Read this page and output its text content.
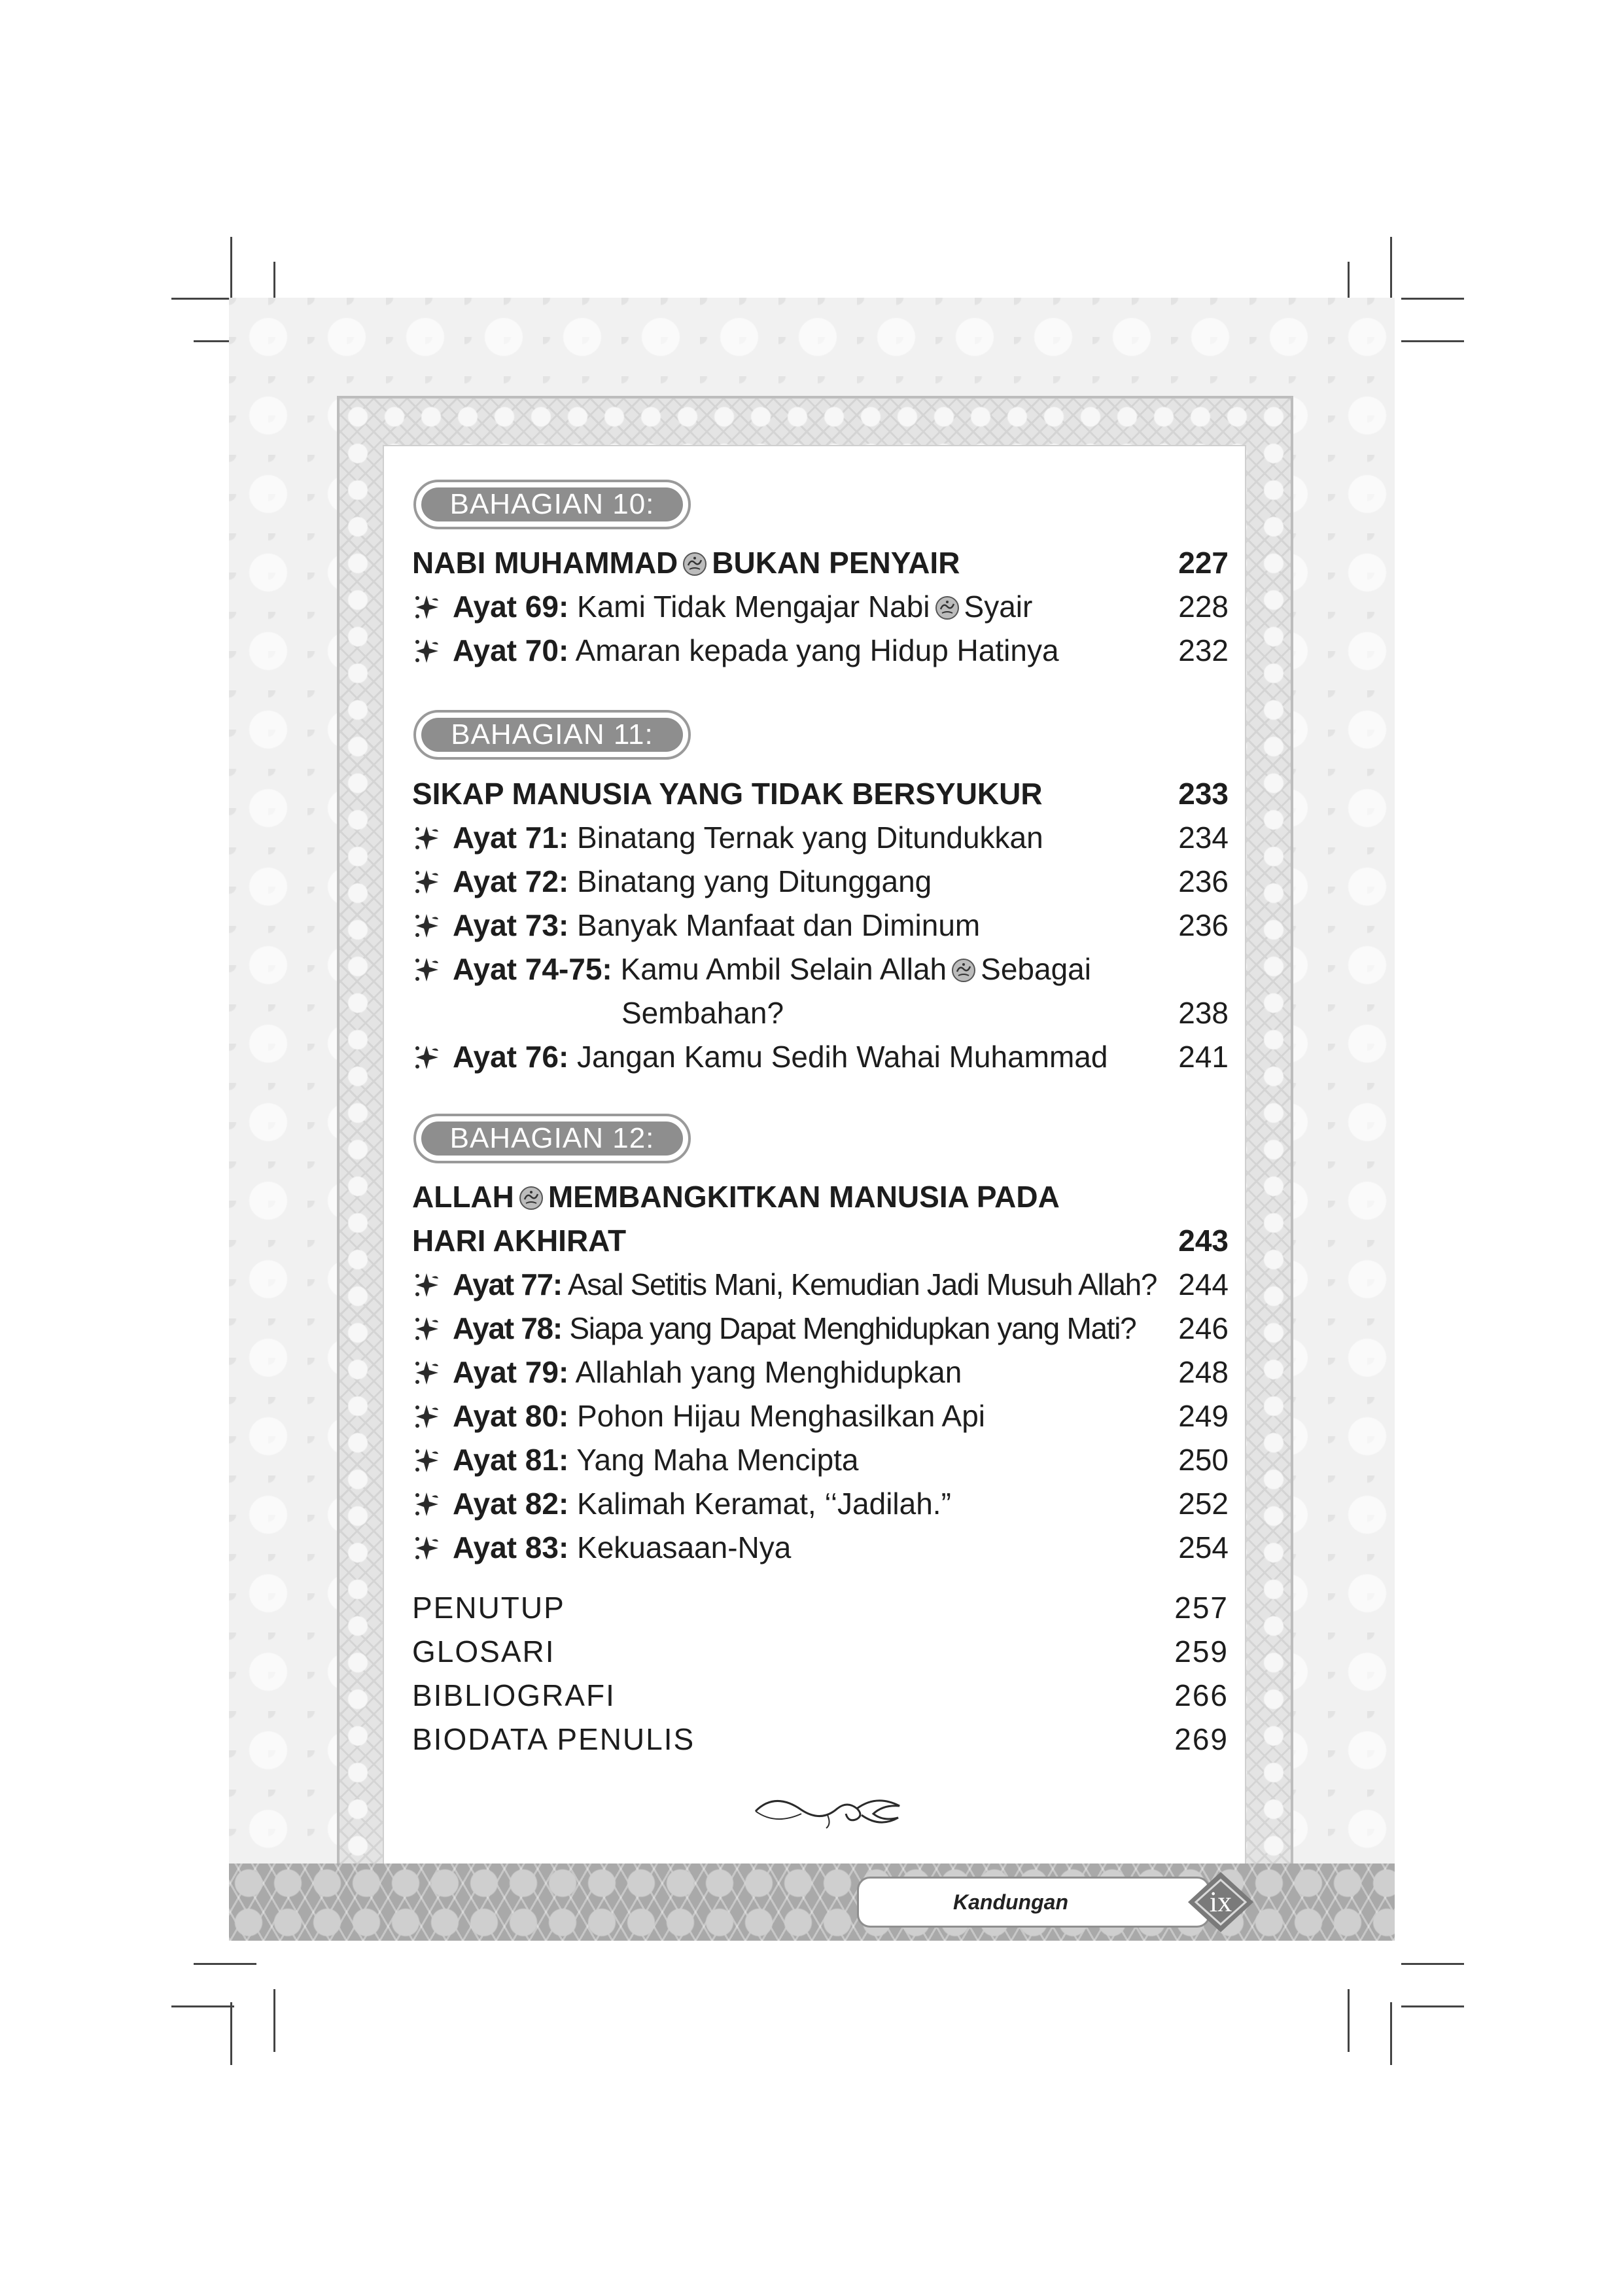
BAHAGIAN 10:
NABI MUHAMMAD BUKAN PENYAIR	227
Ayat 69: Kami Tidak Mengajar Nabi Syair	228
Ayat 70: Amaran kepada yang Hidup Hatinya	232
BAHAGIAN 11:
SIKAP MANUSIA YANG TIDAK BERSYUKUR	233
Ayat 71: Binatang Ternak yang Ditundukkan	234
Ayat 72: Binatang yang Ditunggang	236
Ayat 73: Banyak Manfaat dan Diminum	236
Ayat 74-75: Kamu Ambil Selain Allah Sebagai
Sembahan?	238
Ayat 76: Jangan Kamu Sedih Wahai Muhammad 241
BAHAGIAN 12:
ALLAH MEMBANGKITKAN MANUSIA PADA
HARI AKHIRAT	243
Ayat 77: Asal Setitis Mani, Kemudian Jadi Musuh Allah? 244
Ayat 78: Siapa yang Dapat Menghidupkan yang Mati? 246
Ayat 79: Allahlah yang Menghidupkan	248
Ayat 80: Pohon Hijau Menghasilkan Api	249
Ayat 81: Yang Maha Mencipta	250
Ayat 82: Kalimah Keramat, ‘‘Jadilah.”	252
Ayat 83: Kekuasaan-Nya	254
PENUTUP	257
GLOSARI	259
BIBLIOGRAFI	266
BIODATA PENULIS	269
Kandungan	ix
